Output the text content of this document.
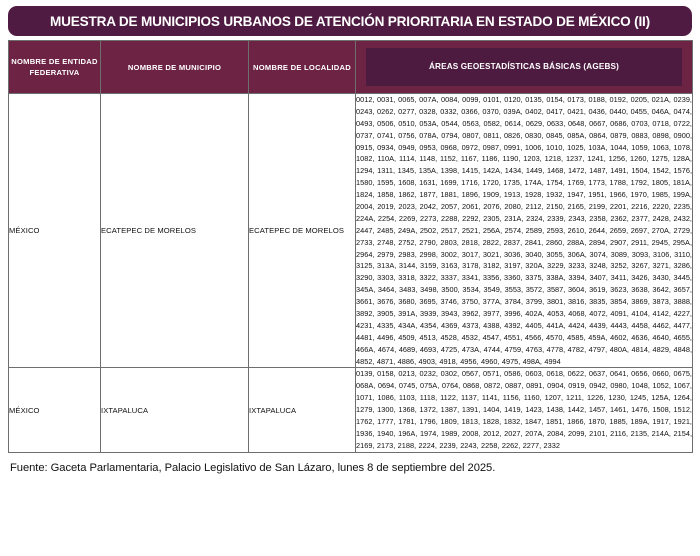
MUESTRA DE MUNICIPIOS URBANOS DE ATENCIÓN PRIORITARIA EN ESTADO DE MÉXICO (II)
NOMBRE DE ENTIDAD FEDERATIVA	NOMBRE DE MUNICIPIO	NOMBRE DE LOCALIDAD	ÁREAS GEOESTADÍSTICAS BÁSICAS (AGEBS)

MÉXICO	ECATEPEC DE MORELOS	ECATEPEC DE MORELOS	0012, 0031, 0065, 007A, 0084, 0099, 0101, 0120, 0135, 0154, 0173, 0188, 0192, 0205, 021A, 0239, 0243, 0262, 0277, 0328, 0332, 0366, 0370, 039A, 0402, 0417, 0421, 0436, 0440, 0455, 046A, 0474, 0493, 0506, 0510, 053A, 0544, 0563, 0582, 0614, 0629, 0633, 0648, 0667, 0686, 0703, 0718, 0722, 0737, 0741, 0756, 078A, 0794, 0807, 0811, 0826, 0830, 0845, 085A, 0864, 0879, 0883, 0898, 0900, 0915, 0934, 0949, 0953, 0968, 0972, 0987, 0991, 1006, 1010, 1025, 103A, 1044, 1059, 1063, 1078, 1082, 110A, 1114, 1148, 1152, 1167, 1186, 1190, 1203, 1218, 1237, 1241, 1256, 1260, 1275, 128A, 1294, 1311, 1345, 135A, 1398, 1415, 142A, 1434, 1449, 1468, 1472, 1487, 1491, 1504, 1542, 1576, 1580, 1595, 1608, 1631, 1699, 1716, 1720, 1735, 174A, 1754, 1769, 1773, 1788, 1792, 1805, 181A, 1824, 1858, 1862, 1877, 1881, 1896, 1909, 1913, 1928, 1932, 1947, 1951, 1966, 1970, 1985, 199A, 2004, 2019, 2023, 2042, 2057, 2061, 2076, 2080, 2112, 2150, 2165, 2199, 2201, 2216, 2220, 2235, 224A, 2254, 2269, 2273, 2288, 2292, 2305, 231A, 2324, 2339, 2343, 2358, 2362, 2377, 2428, 2432, 2447, 2485, 249A, 2502, 2517, 2521, 256A, 2574, 2589, 2593, 2610, 2644, 2659, 2697, 270A, 2729, 2733, 2748, 2752, 2790, 2803, 2818, 2822, 2837, 2841, 2860, 288A, 2894, 2907, 2911, 2945, 295A, 2964, 2979, 2983, 2998, 3002, 3017, 3021, 3036, 3040, 3055, 306A, 3074, 3089, 3093, 3106, 3110, 3125, 313A, 3144, 3159, 3163, 3178, 3182, 3197, 320A, 3229, 3233, 3248, 3252, 3267, 3271, 3286, 3290, 3303, 3318, 3322, 3337, 3341, 3356, 3360, 3375, 338A, 3394, 3407, 3411, 3426, 3430, 3445, 345A, 3464, 3483, 3498, 3500, 3534, 3549, 3553, 3572, 3587, 3604, 3619, 3623, 3638, 3642, 3657, 3661, 3676, 3680, 3695, 3746, 3750, 377A, 3784, 3799, 3801, 3816, 3835, 3854, 3869, 3873, 3888, 3892, 3905, 391A, 3939, 3943, 3962, 3977, 3996, 402A, 4053, 4068, 4072, 4091, 4104, 4142, 4227, 4231, 4335, 434A, 4354, 4369, 4373, 4388, 4392, 4405, 441A, 4424, 4439, 4443, 4458, 4462, 4477, 4481, 4496, 4509, 4513, 4528, 4532, 4547, 4551, 4566, 4570, 4585, 459A, 4602, 4636, 4640, 4655, 466A, 4674, 4689, 4693, 4725, 473A, 4744, 4759, 4763, 4778, 4782, 4797, 480A, 4814, 4829, 4848, 4852, 4871, 4886, 4903, 4918, 4956, 4960, 4975, 498A, 4994
MÉXICO	IXTAPALUCA	IXTAPALUCA	0139, 0158, 0213, 0232, 0302, 0567, 0571, 0586, 0603, 0618, 0622, 0637, 0641, 0656, 0660, 0675, 068A, 0694, 0745, 075A, 0764, 0868, 0872, 0887, 0891, 0904, 0919, 0942, 0980, 1048, 1052, 1067, 1071, 1086, 1103, 1118, 1122, 1137, 1141, 1156, 1160, 1207, 1211, 1226, 1230, 1245, 125A, 1264, 1279, 1300, 1368, 1372, 1387, 1391, 1404, 1419, 1423, 1438, 1442, 1457, 1461, 1476, 1508, 1512, 1762, 1777, 1781, 1796, 1809, 1813, 1828, 1832, 1847, 1851, 1866, 1870, 1885, 189A, 1917, 1921, 1936, 1940, 196A, 1974, 1989, 2008, 2012, 2027, 207A, 2084, 2099, 2101, 2116, 2135, 214A, 2154, 2169, 2173, 2188, 2224, 2239, 2243, 2258, 2262, 2277, 2332
Fuente: Gaceta Parlamentaria, Palacio Legislativo de San Lázaro, lunes 8 de septiembre del 2025.
